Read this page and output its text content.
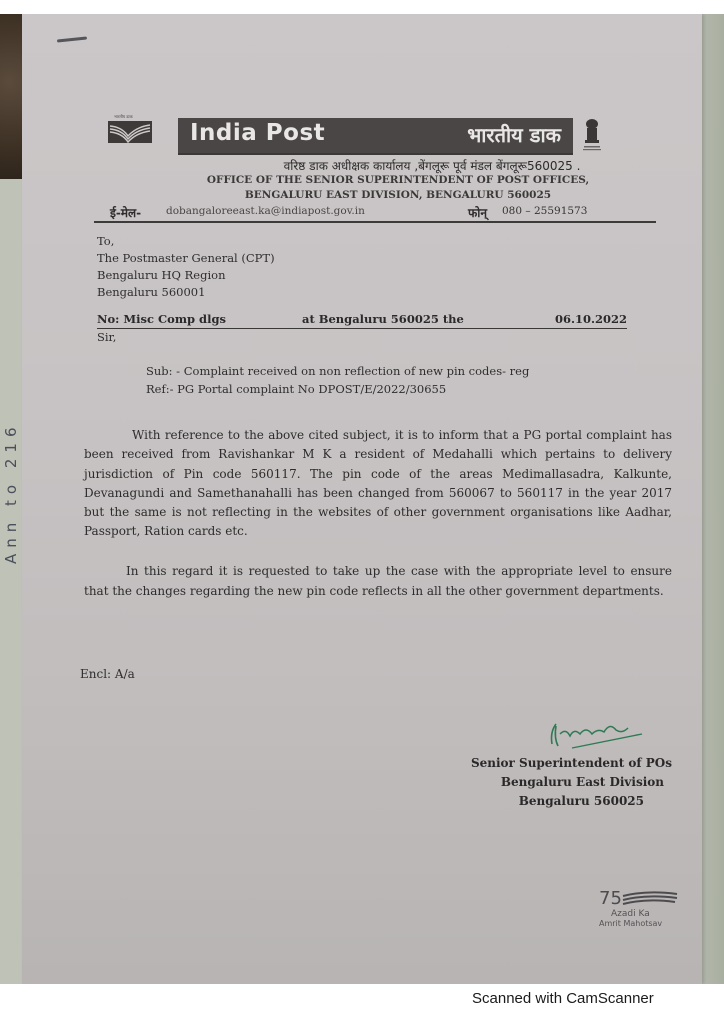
Ann to 216
भारतीय डाक
India Post	भारतीय डाक
वरिष्ठ डाक अधीक्षक कार्यालय ,बेंगलूरू पूर्व मंडल बेंगलूरू560025 .
OFFICE OF THE SENIOR SUPERINTENDENT OF POST OFFICES,
BENGALURU EAST DIVISION, BENGALURU 560025
ई-मेल- dobangaloreeast.ka@indiapost.gov.in	फोन् 080 – 25591573
To,
The Postmaster General (CPT)
Bengaluru HQ Region
Bengaluru 560001
No: Misc Comp dlgs	at Bengaluru 560025 the	06.10.2022
Sir,
Sub: - Complaint received on non reflection of new pin codes- reg
Ref:- PG Portal complaint No DPOST/E/2022/30655
With reference to the above cited subject, it is to inform that a PG portal complaint has been received from Ravishankar M K a resident of Medahalli which pertains to delivery jurisdiction of Pin code 560117. The pin code of the areas Medimallasadra, Kalkunte, Devanagundi and Samethanahalli has been changed from 560067 to 560117 in the year 2017 but the same is not reflecting in the websites of other government organisations like Aadhar, Passport, Ration cards etc.
In this regard it is requested to take up the case with the appropriate level to ensure that the changes regarding the new pin code reflects in all the other government departments.
Encl: A/a
Senior Superintendent of POs
Bengaluru East Division
Bengaluru 560025
75
Azadi Ka
Amrit Mahotsav
Scanned with CamScanner
